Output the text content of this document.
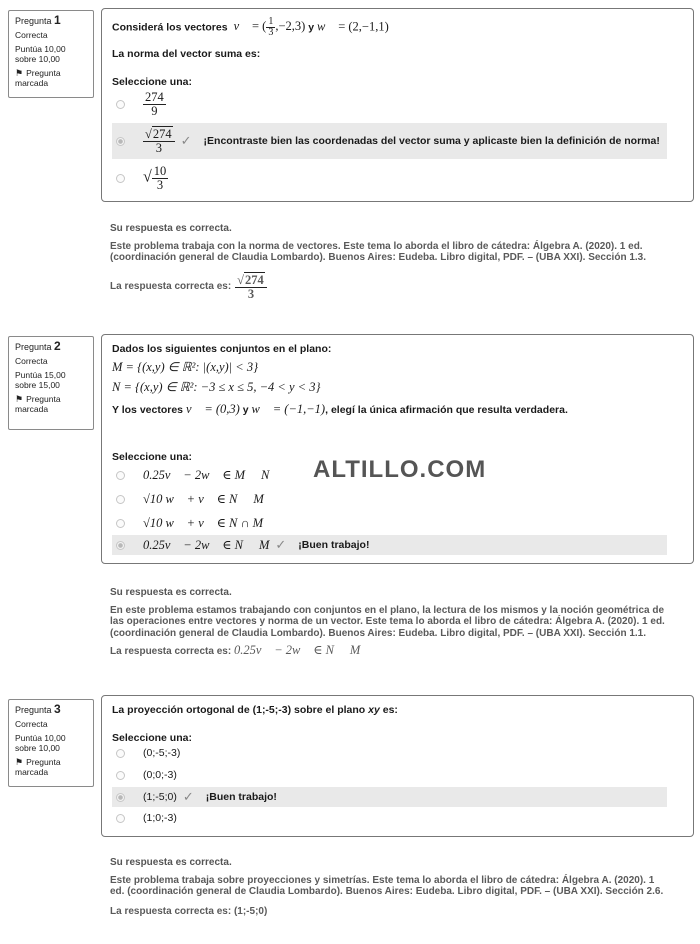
Pregunta 1
Correcta
Puntúa 10,00 sobre 10,00
⚑ Pregunta marcada
Considerá los vectores v⃗ = ( $\frac{1}{3} ,-2,3$) y w⃗ = (2,−1,1)
La norma del vector suma es:
Seleccione una:
$\frac{274}{9}$
$\frac{√274}{3}$ ✓ ¡Encontraste bien las coordenadas del vector suma y aplicaste bien la definición de norma!
√ $\frac{10}{3}$
Su respuesta es correcta.
Este problema trabaja con la norma de vectores. Este tema lo aborda el libro de cátedra: Álgebra A. (2020). 1 ed. (coordinación general de Claudia Lombardo). Buenos Aires: Eudeba. Libro digital, PDF. – (UBA XXI). Sección 1.3.
La respuesta correcta es: $\frac{√274}{3}$
Pregunta 2
Correcta
Puntúa 15,00 sobre 15,00
⚑ Pregunta marcada
Dados los siguientes conjuntos en el plano:
M = {(x,y) ∈ ℝ²: |(x,y)| < 3}
N = {(x,y) ∈ ℝ²: −3 ≤ x ≤ 5, −4 < y < 3}
Y los vectores v⃗ = (0,3) y w⃗ = (−1,−1), elegí la única afirmación que resulta verdadera.
Seleccione una:
0.25v⃗ − 2w⃗ ∈ M ∖ N
√10 w⃗ + v⃗ ∈ N ∖ M
√10 w⃗ + v⃗ ∈ N ∩ M
0.25v⃗ − 2w⃗ ∈ N ∖ M ✓ ¡Buen trabajo!
ALTILLO.COM
Su respuesta es correcta.
En este problema estamos trabajando con conjuntos en el plano, la lectura de los mismos y la noción geométrica de las operaciones entre vectores y norma de un vector. Este tema lo aborda el libro de cátedra: Álgebra A. (2020). 1 ed. (coordinación general de Claudia Lombardo). Buenos Aires: Eudeba. Libro digital, PDF. – (UBA XXI). Sección 1.1.
La respuesta correcta es: 0.25v⃗ − 2w⃗ ∈ N ∖ M
Pregunta 3
Correcta
Puntúa 10,00 sobre 10,00
⚑ Pregunta marcada
La proyección ortogonal de (1;-5;-3) sobre el plano xy es:
Seleccione una:
(0;-5;-3)
(0;0;-3)
(1;-5;0) ✓ ¡Buen trabajo!
(1;0;-3)
Su respuesta es correcta.
Este problema trabaja sobre proyecciones y simetrías. Este tema lo aborda el libro de cátedra: Álgebra A. (2020). 1 ed. (coordinación general de Claudia Lombardo). Buenos Aires: Eudeba. Libro digital, PDF. – (UBA XXI). Sección 2.6.
La respuesta correcta es: (1;-5;0)
